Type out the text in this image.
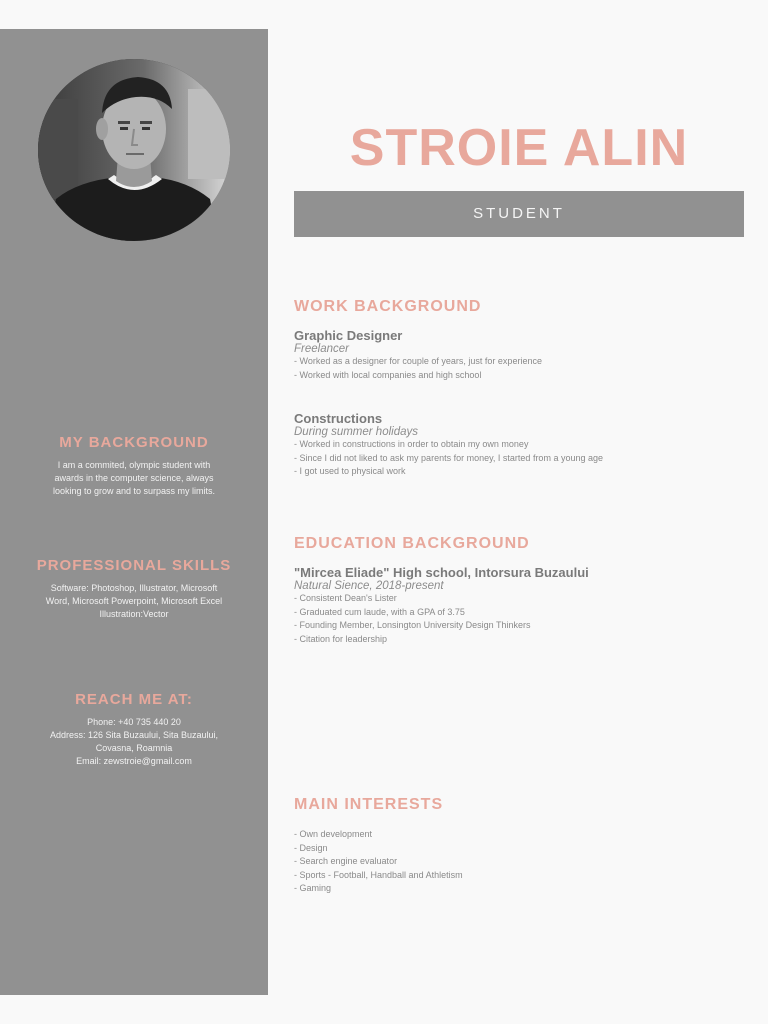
MY BACKGROUND

I am a commited, olympic student with

awards in the computer science, always

looking to grow and to surpass my limits.

PROFESSIONAL SKILLS

Software: Photoshop, Illustrator, Microsoft

Word, Microsoft Powerpoint, Microsoft Excel

Illustration:Vector

REACH ME AT:

Phone: +40 735 440 20

Address: 126 Sita Buzaului, Sita Buzaului,

Covasna, Roamnia

Email: zewstroie@gmail.com

STROIE ALIN
STUDENT

WORK BACKGROUND

Graphic Designer

Freelancer

- Worked as a designer for couple of years, just for experience
- Worked with local companies and high school

Constructions

During summer holidays

- Worked in constructions in order to obtain my own money
- Since I did not liked to ask my parents for money, I started from a young age
- I got used to physical work

EDUCATION BACKGROUND

"Mircea Eliade" High school, Intorsura Buzaului

Natural Sience, 2018-present

- Consistent Dean's Lister
- Graduated cum laude, with a GPA of 3.75
- Founding Member, Lonsington University Design Thinkers
- Citation for leadership

MAIN INTERESTS

- Own development
- Design
- Search engine evaluator
- Sports - Football, Handball and Athletism
- Gaming
